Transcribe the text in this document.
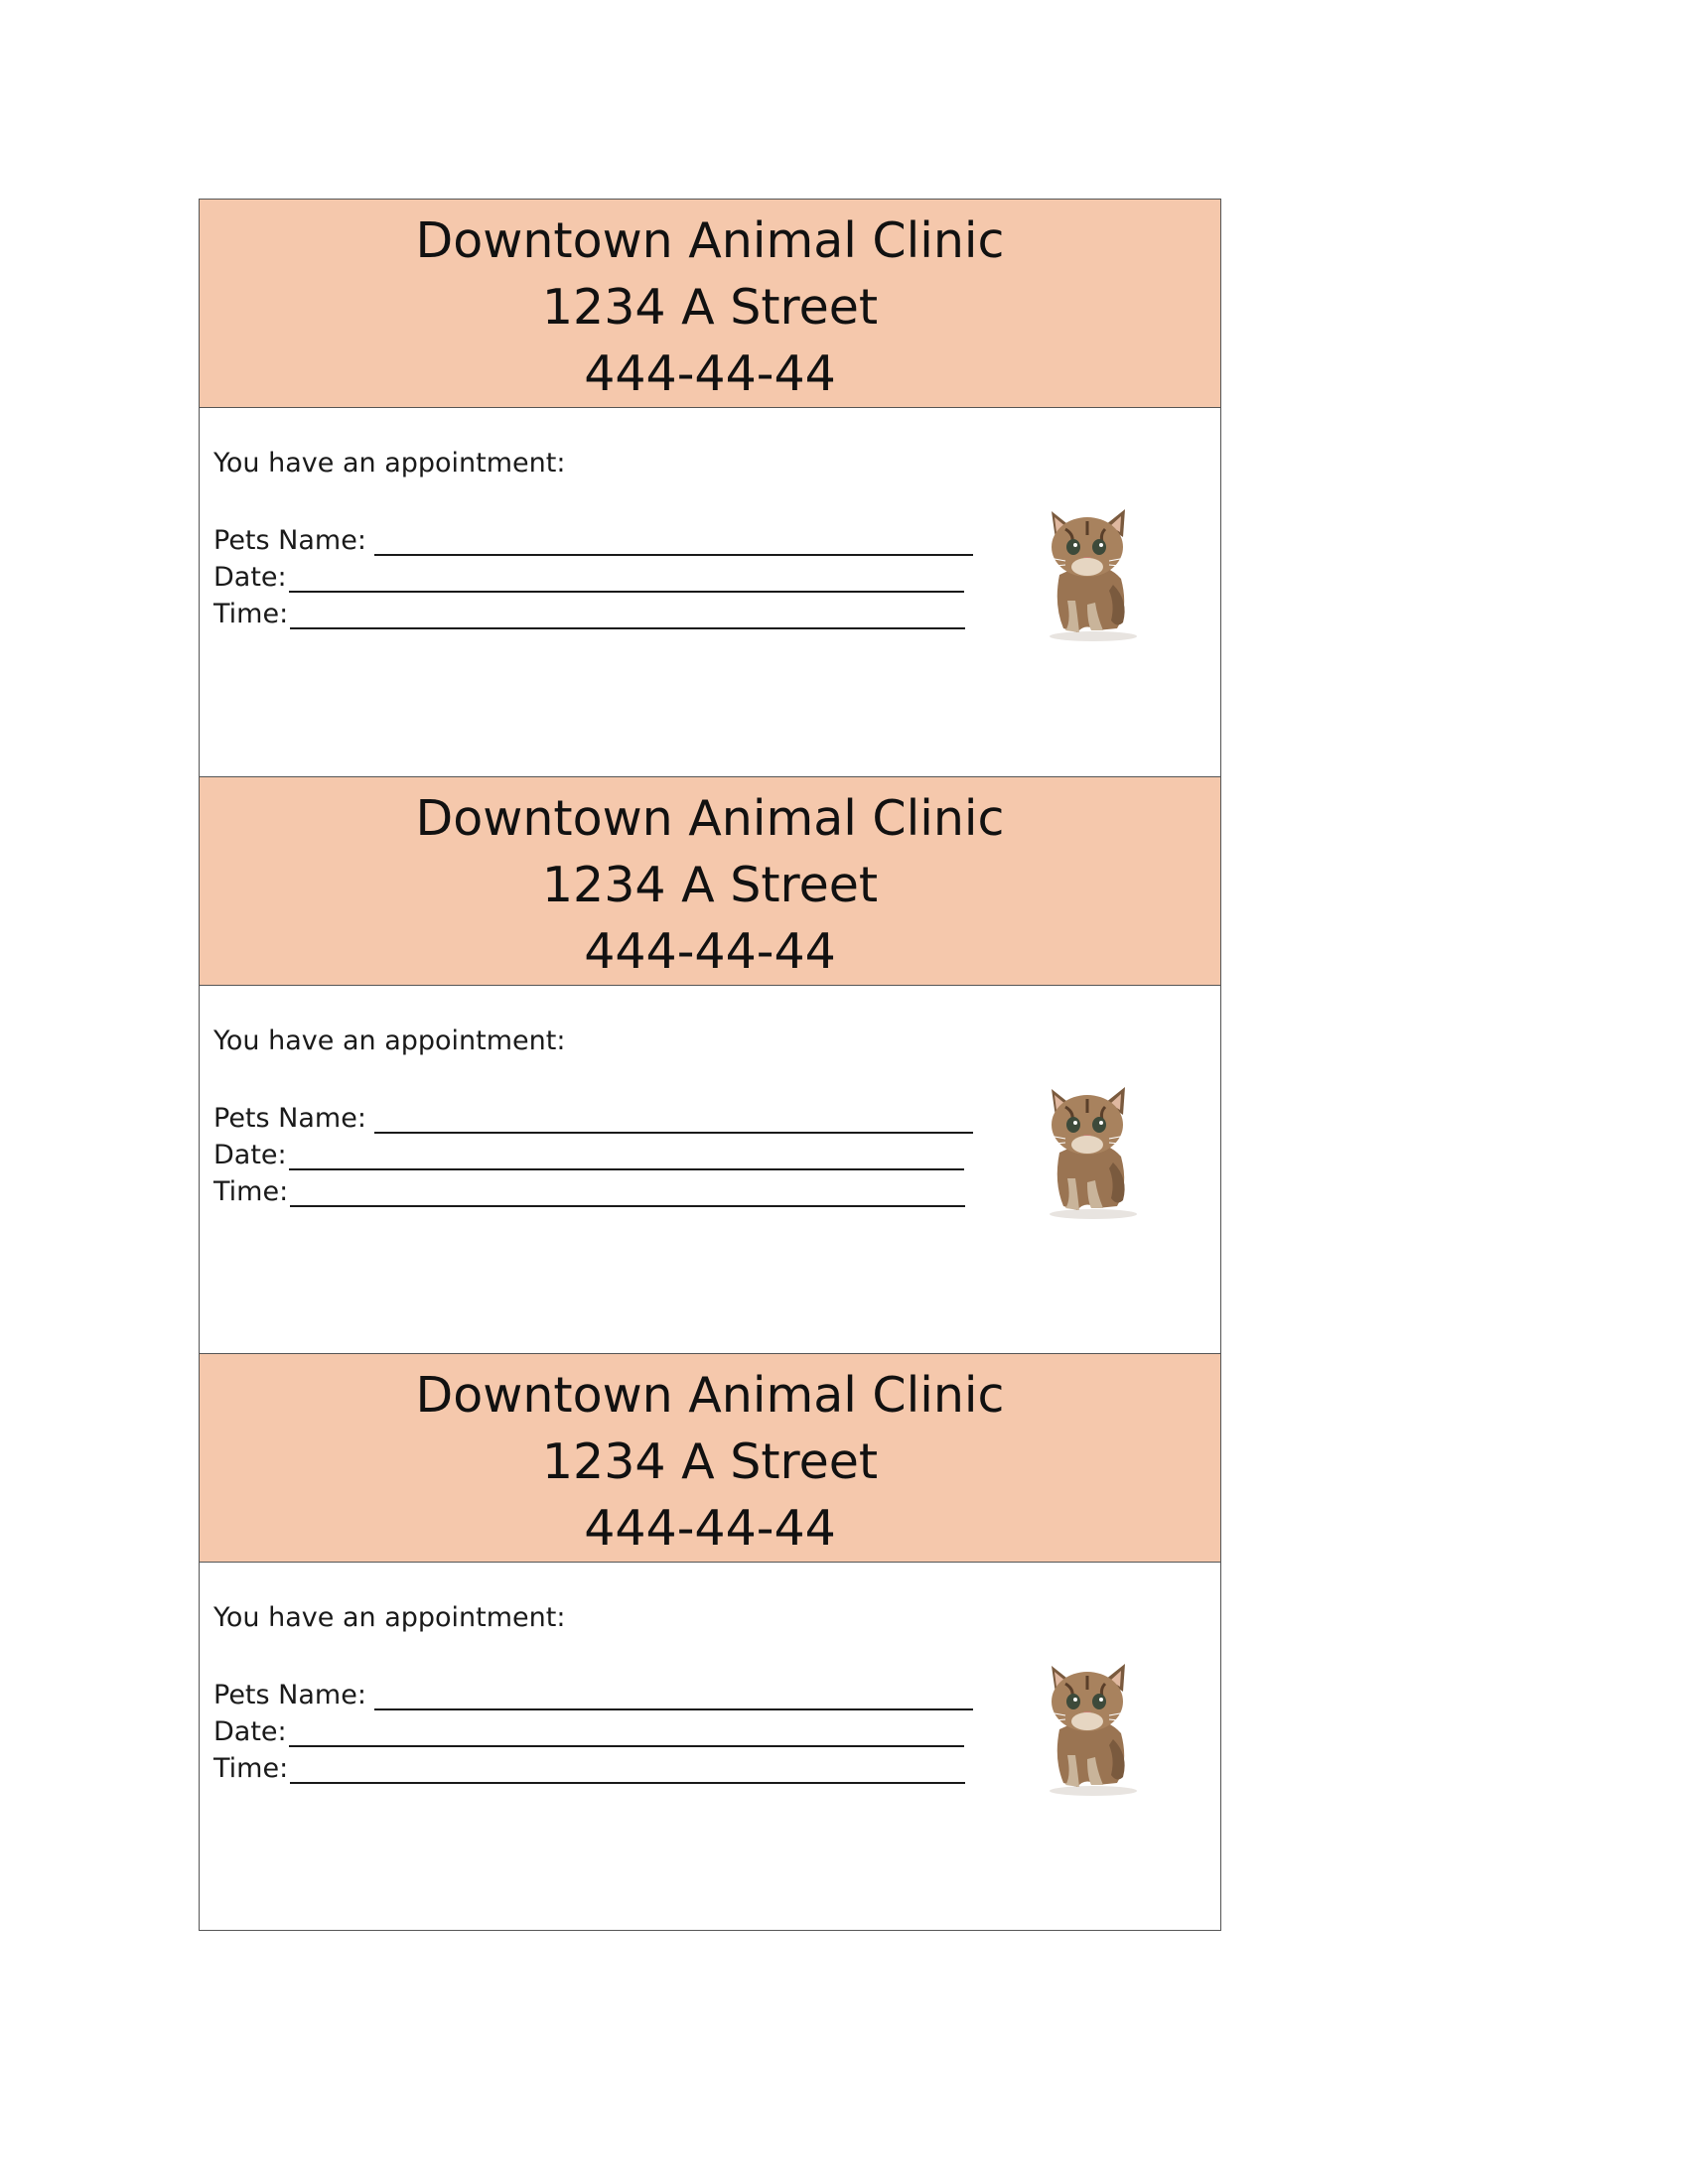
Downtown Animal Clinic
1234 A Street
444-44-44
You have an appointment:
Pets Name:
Date:
Time:
Downtown Animal Clinic
1234 A Street
444-44-44
You have an appointment:
Pets Name:
Date:
Time:
Downtown Animal Clinic
1234 A Street
444-44-44
You have an appointment:
Pets Name:
Date:
Time:
